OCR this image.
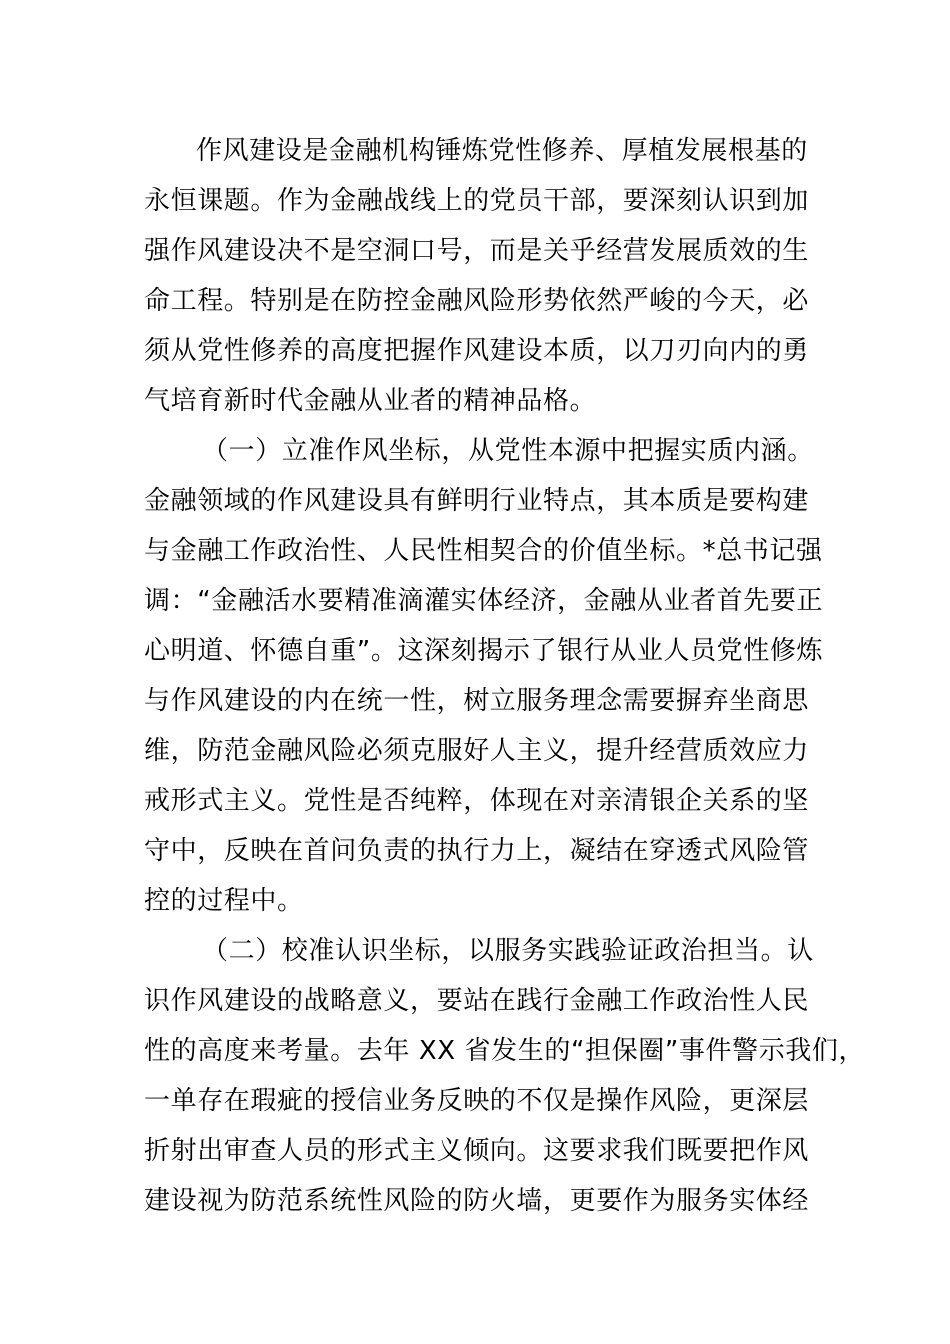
作风建设是金融机构锤炼党性修养、厚植发展根基的
永恒课题。作为金融战线上的党员干部，要深刻认识到加
强作风建设决不是空洞口号，而是关乎经营发展质效的生
命工程。特别是在防控金融风险形势依然严峻的今天，必
须从党性修养的高度把握作风建设本质，以刀刃向内的勇
气培育新时代金融从业者的精神品格。
（一）立准作风坐标，从党性本源中把握实质内涵。
金融领域的作风建设具有鲜明行业特点，其本质是要构建
与金融工作政治性、人民性相契合的价值坐标。*总书记强
调：“金融活水要精准滴灌实体经济，金融从业者首先要正
心明道、怀德自重”。这深刻揭示了银行从业人员党性修炼
与作风建设的内在统一性，树立服务理念需要摒弃坐商思
维，防范金融风险必须克服好人主义，提升经营质效应力
戒形式主义。党性是否纯粹，体现在对亲清银企关系的坚
守中，反映在首问负责的执行力上，凝结在穿透式风险管
控的过程中。
（二）校准认识坐标，以服务实践验证政治担当。认
识作风建设的战略意义，要站在践行金融工作政治性人民
性的高度来考量。去年 XX 省发生的“担保圈”事件警示我们，
一单存在瑕疵的授信业务反映的不仅是操作风险，更深层
折射出审查人员的形式主义倾向。这要求我们既要把作风
建设视为防范系统性风险的防火墙，更要作为服务实体经
